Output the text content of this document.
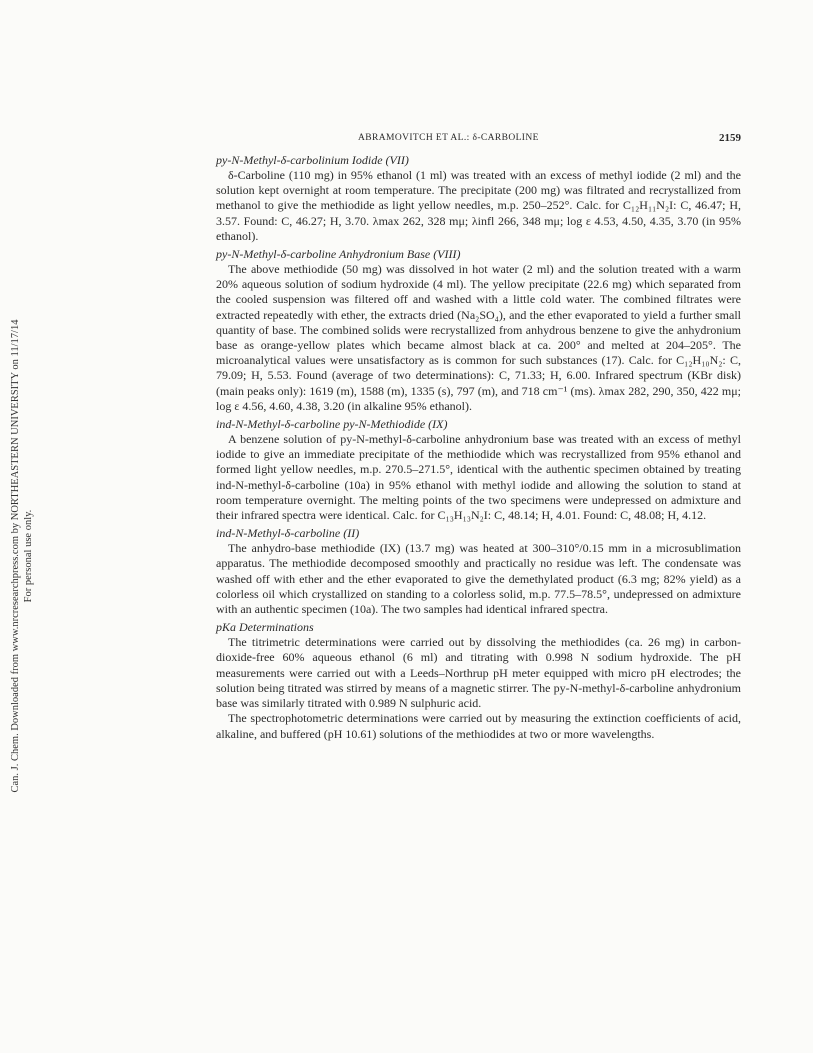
Can. J. Chem. Downloaded from www.nrcresearchpress.com by NORTHEASTERN UNIVERSITY on 11/17/14 For personal use only.
ABRAMOVITCH ET AL.: δ-CARBOLINE	2159
py-N-Methyl-δ-carbolinium Iodide (VII)

δ-Carboline (110 mg) in 95% ethanol (1 ml) was treated with an excess of methyl iodide (2 ml) and the solution kept overnight at room temperature. The precipitate (200 mg) was filtrated and recrystallized from methanol to give the methiodide as light yellow needles, m.p. 250–252°. Calc. for C₁₂H₁₁N₂I: C, 46.47; H, 3.57. Found: C, 46.27; H, 3.70. λmax 262, 328 mμ; λinfl 266, 348 mμ; log ε 4.53, 4.50, 4.35, 3.70 (in 95% ethanol).

py-N-Methyl-δ-carboline Anhydronium Base (VIII)

The above methiodide (50 mg) was dissolved in hot water (2 ml) and the solution treated with a warm 20% aqueous solution of sodium hydroxide (4 ml). The yellow precipitate (22.6 mg) which separated from the cooled suspension was filtered off and washed with a little cold water. The combined filtrates were extracted repeatedly with ether, the extracts dried (Na₂SO₄), and the ether evaporated to yield a further small quantity of base. The combined solids were recrystallized from anhydrous benzene to give the anhydronium base as orange-yellow plates which became almost black at ca. 200° and melted at 204–205°. The microanalytical values were unsatisfactory as is common for such substances (17). Calc. for C₁₂H₁₀N₂: C, 79.09; H, 5.53. Found (average of two determinations): C, 71.33; H, 6.00. Infrared spectrum (KBr disk) (main peaks only): 1619 (m), 1588 (m), 1335 (s), 797 (m), and 718 cm⁻¹ (ms). λmax 282, 290, 350, 422 mμ; log ε 4.56, 4.60, 4.38, 3.20 (in alkaline 95% ethanol).

ind-N-Methyl-δ-carboline py-N-Methiodide (IX)

A benzene solution of py-N-methyl-δ-carboline anhydronium base was treated with an excess of methyl iodide to give an immediate precipitate of the methiodide which was recrystallized from 95% ethanol and formed light yellow needles, m.p. 270.5–271.5°, identical with the authentic specimen obtained by treating ind-N-methyl-δ-carboline (10a) in 95% ethanol with methyl iodide and allowing the solution to stand at room temperature overnight. The melting points of the two specimens were undepressed on admixture and their infrared spectra were identical. Calc. for C₁₃H₁₃N₂I: C, 48.14; H, 4.01. Found: C, 48.08; H, 4.12.

ind-N-Methyl-δ-carboline (II)

The anhydro-base methiodide (IX) (13.7 mg) was heated at 300–310°/0.15 mm in a microsublimation apparatus. The methiodide decomposed smoothly and practically no residue was left. The condensate was washed off with ether and the ether evaporated to give the demethylated product (6.3 mg; 82% yield) as a colorless oil which crystallized on standing to a colorless solid, m.p. 77.5–78.5°, undepressed on admixture with an authentic specimen (10a). The two samples had identical infrared spectra.

pKa Determinations

The titrimetric determinations were carried out by dissolving the methiodides (ca. 26 mg) in carbon-dioxide-free 60% aqueous ethanol (6 ml) and titrating with 0.998 N sodium hydroxide. The pH measurements were carried out with a Leeds–Northrup pH meter equipped with micro pH electrodes; the solution being titrated was stirred by means of a magnetic stirrer. The py-N-methyl-δ-carboline anhydronium base was similarly titrated with 0.989 N sulphuric acid.

The spectrophotometric determinations were carried out by measuring the extinction coefficients of acid, alkaline, and buffered (pH 10.61) solutions of the methiodides at two or more wavelengths.
